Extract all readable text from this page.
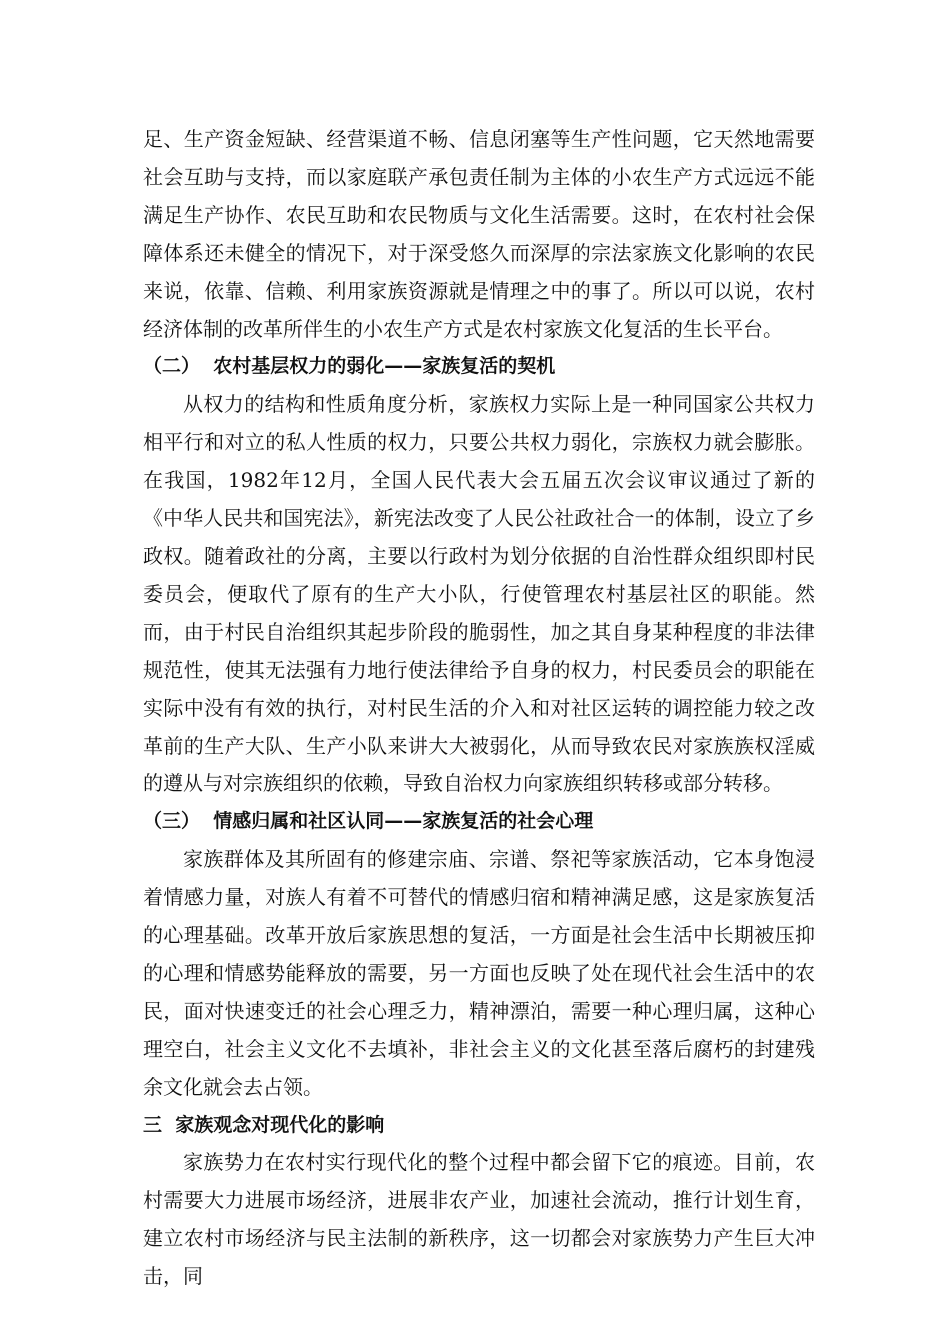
足、生产资金短缺、经营渠道不畅、信息闭塞等生产性问题，它天然地需要社会互助与支持，而以家庭联产承包责任制为主体的小农生产方式远远不能满足生产协作、农民互助和农民物质与文化生活需要。这时，在农村社会保障体系还未健全的情况下，对于深受悠久而深厚的宗法家族文化影响的农民来说，依靠、信赖、利用家族资源就是情理之中的事了。所以可以说，农村经济体制的改革所伴生的小农生产方式是农村家族文化复活的生长平台。

（二）  农村基层权力的弱化——家族复活的契机

从权力的结构和性质角度分析，家族权力实际上是一种同国家公共权力相平行和对立的私人性质的权力，只要公共权力弱化，宗族权力就会膨胀。在我国，1982年12月，全国人民代表大会五届五次会议审议通过了新的《中华人民共和国宪法》，新宪法改变了人民公社政社合一的体制，设立了乡政权。随着政社的分离，主要以行政村为划分依据的自治性群众组织即村民委员会，便取代了原有的生产大小队，行使管理农村基层社区的职能。然而，由于村民自治组织其起步阶段的脆弱性，加之其自身某种程度的非法律规范性，使其无法强有力地行使法律给予自身的权力，村民委员会的职能在实际中没有有效的执行，对村民生活的介入和对社区运转的调控能力较之改革前的生产大队、生产小队来讲大大被弱化，从而导致农民对家族族权淫威的遵从与对宗族组织的依赖，导致自治权力向家族组织转移或部分转移。

（三）  情感归属和社区认同——家族复活的社会心理

家族群体及其所固有的修建宗庙、宗谱、祭祀等家族活动，它本身饱浸着情感力量，对族人有着不可替代的情感归宿和精神满足感，这是家族复活的心理基础。改革开放后家族思想的复活，一方面是社会生活中长期被压抑的心理和情感势能释放的需要，另一方面也反映了处在现代社会生活中的农民，面对快速变迁的社会心理乏力，精神漂泊，需要一种心理归属，这种心理空白，社会主义文化不去填补，非社会主义的文化甚至落后腐朽的封建残余文化就会去占领。

三  家族观念对现代化的影响

家族势力在农村实行现代化的整个过程中都会留下它的痕迹。目前，农村需要大力进展市场经济，进展非农产业，加速社会流动，推行计划生育，建立农村市场经济与民主法制的新秩序，这一切都会对家族势力产生巨大冲击，同
